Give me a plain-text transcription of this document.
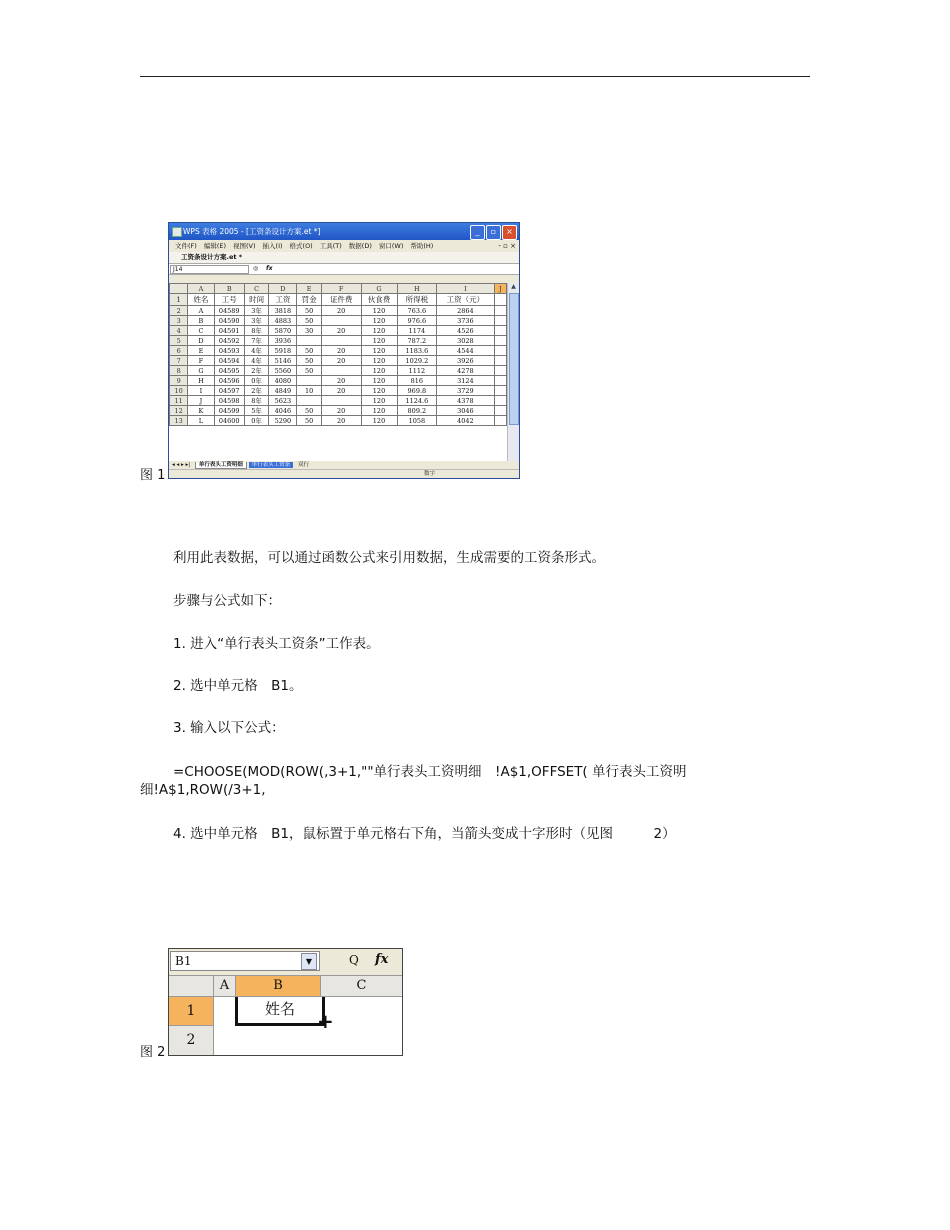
WPS 表格 2005 - [工资条设计方案.et *]	_	▫	×
文件(F) 编辑(E) 视图(V) 插入(I) 格式(O) 工具(T) 数据(D) 窗口(W) 帮助(H)	- ▫ ×
工资条设计方案.et *
J14	◎ fx
	A	B	C	D	E	F	G	H	I	J
1	姓名	工号	时间	工资	罚金	证件费	伙食费	所得税	工资（元）	
2	A	04589	3年	3818	50	20	120	763.6	2864	
3	B	04590	3年	4883	50		120	976.6	3736	
4	C	04591	8年	5870	30	20	120	1174	4526	
5	D	04592	7年	3936			120	787.2	3028	
6	E	04593	4年	5918	50	20	120	1183.6	4544	
7	F	04594	4年	5146	50	20	120	1029.2	3926	
8	G	04595	2年	5560	50		120	1112	4278	
9	H	04596	0年	4080		20	120	816	3124	
10	I	04597	2年	4849	10	20	120	969.8	3729	
11	J	04598	8年	5623			120	1124.6	4378	
12	K	04599	5年	4046	50	20	120	809.2	3046	
13	L	04600	0年	5290	50	20	120	1058	4042	
▲
◂ ◂ ▸ ▸| 单行表头工资明细 单行表头工资条 双行
数字
图 1
利用此表数据，可以通过函数公式来引用数据，生成需要的工资条形式。
步骤与公式如下：
1. 进入“单行表头工资条”工作表。
2. 选中单元格　B1。
3. 输入以下公式：
=CHOOSE(MOD(ROW(,3+1,""单行表头工资明细　!A$1,OFFSET( 单行表头工资明细!A$1,ROW(/3+1,
4. 选中单元格　B1，鼠标置于单元格右下角，当箭头变成十字形时（见图　　　2）
B1	▼	Q fx
A	B	C
1
2
姓名	+
图 2
